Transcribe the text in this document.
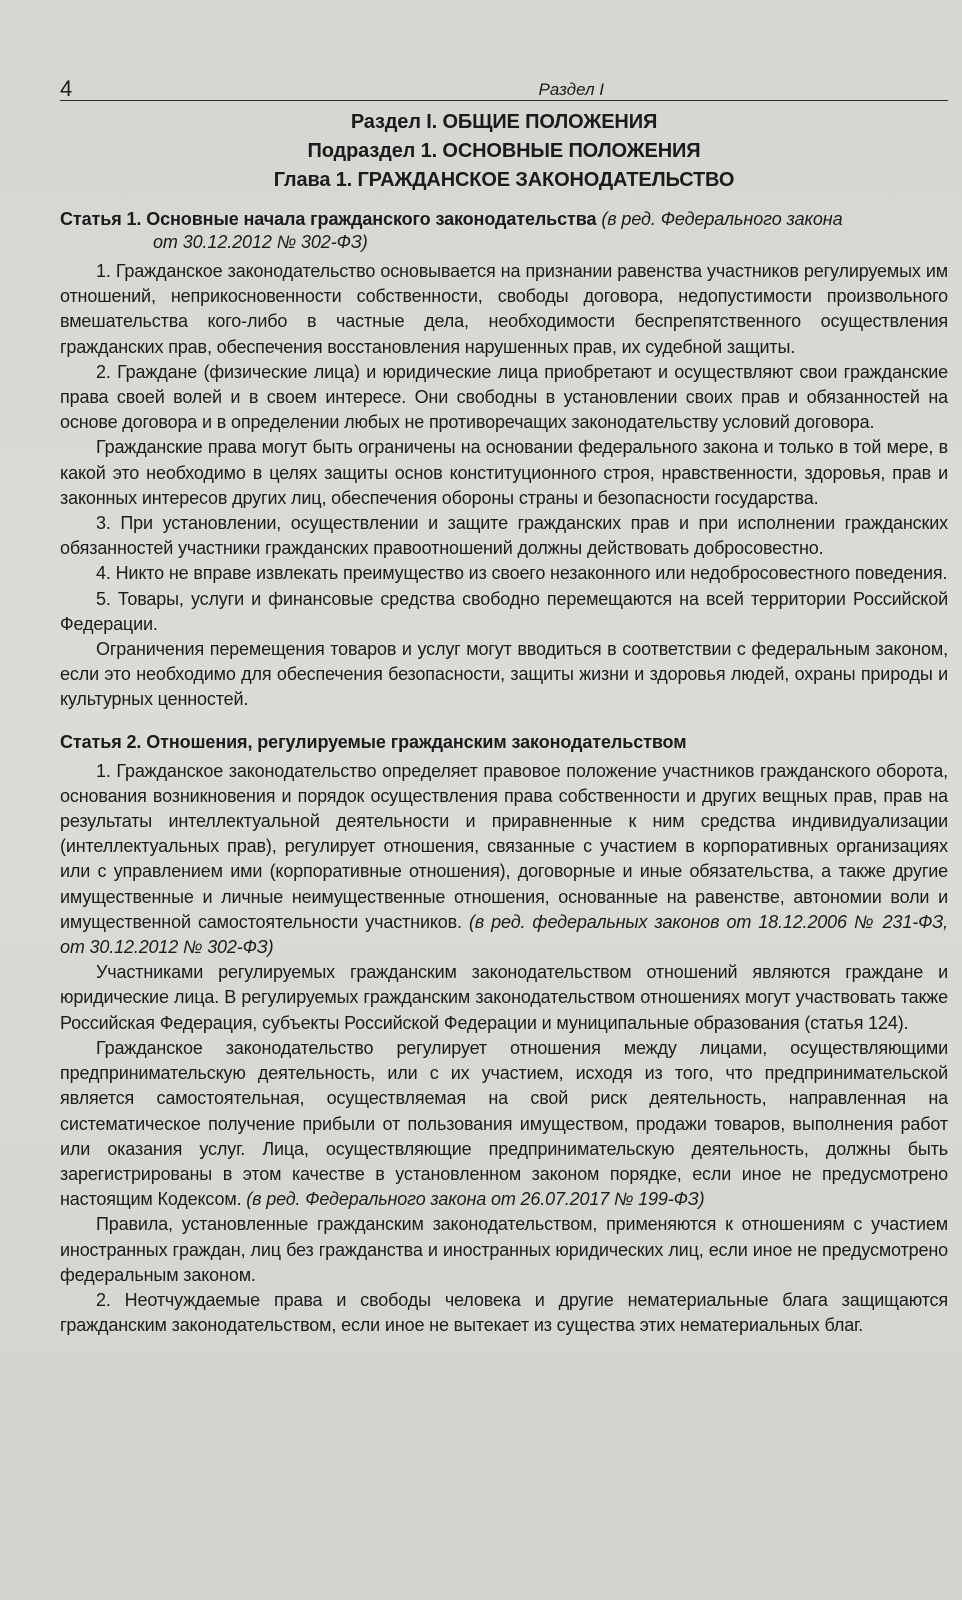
4	Раздел I
Раздел I. ОБЩИЕ ПОЛОЖЕНИЯ
Подраздел 1. ОСНОВНЫЕ ПОЛОЖЕНИЯ
Глава 1. ГРАЖДАНСКОЕ ЗАКОНОДАТЕЛЬСТВО
Статья 1. Основные начала гражданского законодательства (в ред. Федерального закона
от 30.12.2012 № 302-ФЗ)

1. Гражданское законодательство основывается на признании равенства участников регулируемых им отношений, неприкосновенности собственности, свободы договора, недопустимости произвольного вмешательства кого-либо в частные дела, необходимости беспрепятственного осуществления гражданских прав, обеспечения восстановления нарушенных прав, их судебной защиты.

2. Граждане (физические лица) и юридические лица приобретают и осуществляют свои гражданские права своей волей и в своем интересе. Они свободны в установлении своих прав и обязанностей на основе договора и в определении любых не противоречащих законодательству условий договора.

Гражданские права могут быть ограничены на основании федерального закона и только в той мере, в какой это необходимо в целях защиты основ конституционного строя, нравственности, здоровья, прав и законных интересов других лиц, обеспечения обороны страны и безопасности государства.

3. При установлении, осуществлении и защите гражданских прав и при исполнении гражданских обязанностей участники гражданских правоотношений должны действовать добросовестно.

4. Никто не вправе извлекать преимущество из своего незаконного или недобросовестного поведения.

5. Товары, услуги и финансовые средства свободно перемещаются на всей территории Российской Федерации.

Ограничения перемещения товаров и услуг могут вводиться в соответствии с федеральным законом, если это необходимо для обеспечения безопасности, защиты жизни и здоровья людей, охраны природы и культурных ценностей.

Статья 2. Отношения, регулируемые гражданским законодательством

1. Гражданское законодательство определяет правовое положение участников гражданского оборота, основания возникновения и порядок осуществления права собственности и других вещных прав, прав на результаты интеллектуальной деятельности и приравненные к ним средства индивидуализации (интеллектуальных прав), регулирует отношения, связанные с участием в корпоративных организациях или с управлением ими (корпоративные отношения), договорные и иные обязательства, а также другие имущественные и личные неимущественные отношения, основанные на равенстве, автономии воли и имущественной самостоятельности участников. (в ред. федеральных законов от 18.12.2006 № 231-ФЗ, от 30.12.2012 № 302-ФЗ)

Участниками регулируемых гражданским законодательством отношений являются граждане и юридические лица. В регулируемых гражданским законодательством отношениях могут участвовать также Российская Федерация, субъекты Российской Федерации и муниципальные образования (статья 124).

Гражданское законодательство регулирует отношения между лицами, осуществляющими предпринимательскую деятельность, или с их участием, исходя из того, что предпринимательской является самостоятельная, осуществляемая на свой риск деятельность, направленная на систематическое получение прибыли от пользования имуществом, продажи товаров, выполнения работ или оказания услуг. Лица, осуществляющие предпринимательскую деятельность, должны быть зарегистрированы в этом качестве в установленном законом порядке, если иное не предусмотрено настоящим Кодексом. (в ред. Федерального закона от 26.07.2017 № 199-ФЗ)

Правила, установленные гражданским законодательством, применяются к отношениям с участием иностранных граждан, лиц без гражданства и иностранных юридических лиц, если иное не предусмотрено федеральным законом.

2. Неотчуждаемые права и свободы человека и другие нематериальные блага защищаются гражданским законодательством, если иное не вытекает из существа этих нематериальных благ.
